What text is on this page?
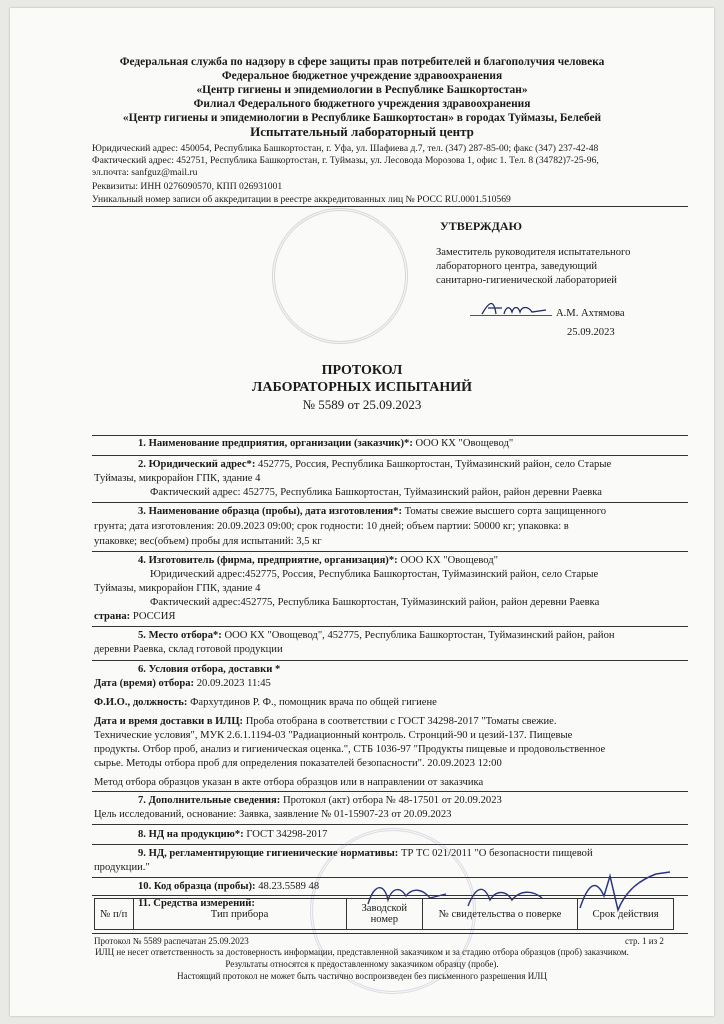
Федеральная служба по надзору в сфере защиты прав потребителей и благополучия человека
Федеральное бюджетное учреждение здравоохранения
«Центр гигиены и эпидемиологии в Республике Башкортостан»
Филиал Федерального бюджетного учреждения здравоохранения
«Центр гигиены и эпидемиологии в Республике Башкортостан» в городах Туймазы, Белебей
Испытательный лабораторный центр
Юридический адрес: 450054, Республика Башкортостан, г. Уфа, ул. Шафиева д.7, тел. (347) 287-85-00; факс (347) 237-42-48
Фактический адрес: 452751, Республика Башкортостан, г. Туймазы, ул. Лесовода Морозова 1, офис 1. Тел. 8 (34782)7-25-96,
эл.почта: sanfguz@mail.ru
Реквизиты: ИНН 0276090570, КПП 026931001
Уникальный номер записи об аккредитации в реестре аккредитованных лиц № РОСС RU.0001.510569
УТВЕРЖДАЮ
Заместитель руководителя испытательного
лабораторного центра, заведующий
санитарно-гигиенической лабораторией
А.М. Ахтямова
25.09.2023
ПРОТОКОЛ
ЛАБОРАТОРНЫХ ИСПЫТАНИЙ
№ 5589 от 25.09.2023
1. Наименование предприятия, организации (заказчик)*: ООО КХ "Овощевод"
2. Юридический адрес*: 452775, Россия, Республика Башкортостан, Туймазинский район, село Старые
Туймазы, микрорайон ГПК, здание 4
Фактический адрес: 452775, Республика Башкортостан, Туймазинский район, район деревни Раевка
3. Наименование образца (пробы), дата изготовления*: Томаты свежие высшего сорта защищенного
грунта; дата изготовления: 20.09.2023 09:00; срок годности: 10 дней; объем партии: 50000 кг; упаковка: в
упаковке; вес(объем) пробы для испытаний: 3,5 кг
4. Изготовитель (фирма, предприятие, организация)*: ООО КХ "Овощевод"
Юридический адрес:452775, Россия, Республика Башкортостан, Туймазинский район, село Старые
Туймазы, микрорайон ГПК, здание 4
Фактический адрес:452775, Республика Башкортостан, Туймазинский район, район деревни Раевка
страна: РОССИЯ
5. Место отбора*: ООО КХ "Овощевод", 452775, Республика Башкортостан, Туймазинский район, район
деревни Раевка, склад готовой продукции
6. Условия отбора, доставки *
Дата (время) отбора: 20.09.2023 11:45
Ф.И.О., должность: Фархутдинов Р. Ф., помощник врача по общей гигиене
Дата и время доставки в ИЛЦ: Проба отобрана в соответствии с ГОСТ 34298-2017 "Томаты свежие.
Технические условия", МУК 2.6.1.1194-03 "Радиационный контроль. Стронций-90 и цезий-137. Пищевые
продукты. Отбор проб, анализ и гигиеническая оценка.", СТБ 1036-97 "Продукты пищевые и продовольственное
сырье. Методы отбора проб для определения показателей безопасности". 20.09.2023 12:00
Метод отбора образцов указан в акте отбора образцов или в направлении от заказчика
7. Дополнительные сведения: Протокол (акт) отбора № 48-17501 от 20.09.2023
Цель исследований, основание: Заявка, заявление № 01-15907-23 от 20.09.2023
8. НД на продукцию*: ГОСТ 34298-2017
9. НД, регламентирующие гигиенические нормативы: ТР ТС 021/2011 "О безопасности пищевой
продукции."
10. Код образца (пробы): 48.23.5589 48
11. Средства измерений:
№ п/п	Тип прибора	Заводской номер	№ свидетельства о поверке	Срок действия
Протокол № 5589 распечатан 25.09.2023	стр. 1 из 2
ИЛЦ не несет ответственность за достоверность информации, представленной заказчиком и за стадию отбора образцов (проб) заказчиком.
Результаты относятся к предоставленному заказчиком образцу (пробе).
Настоящий протокол не может быть частично воспроизведен без письменного разрешения ИЛЦ
